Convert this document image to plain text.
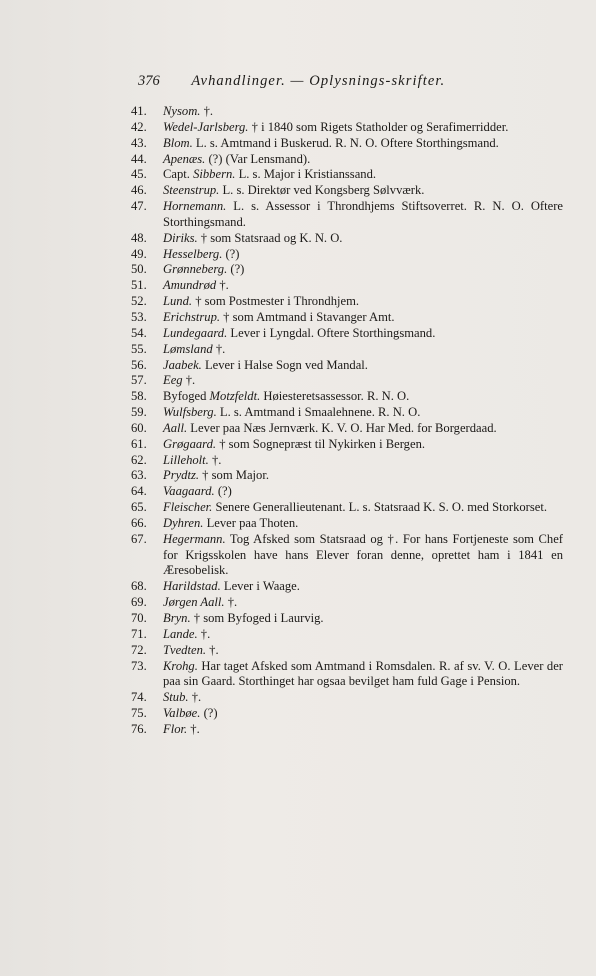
376 Avhandlinger. — Oplysnings-skrifter.
41.	Nysom. †.
42.	Wedel-Jarlsberg. † i 1840 som Rigets Statholder og Serafimerridder.
43.	Blom. L. s. Amtmand i Buskerud. R. N. O. Oftere Storthingsmand.
44.	Apenæs. (?) (Var Lensmand).
45.	Capt. Sibbern. L. s. Major i Kristianssand.
46.	Steenstrup. L. s. Direktør ved Kongsberg Sølvværk.
47.	Hornemann. L. s. Assessor i Throndhjems Stiftsoverret. R. N. O. Oftere Storthingsmand.
48.	Diriks. † som Statsraad og K. N. O.
49.	Hesselberg. (?)
50.	Grønneberg. (?)
51.	Amundrød †.
52.	Lund. † som Postmester i Throndhjem.
53.	Erichstrup. † som Amtmand i Stavanger Amt.
54.	Lundegaard. Lever i Lyngdal. Oftere Storthingsmand.
55.	Lømsland †.
56.	Jaabek. Lever i Halse Sogn ved Mandal.
57.	Eeg †.
58.	Byfoged Motzfeldt. Høiesteretsassessor. R. N. O.
59.	Wulfsberg. L. s. Amtmand i Smaalehnene. R. N. O.
60.	Aall. Lever paa Næs Jernværk. K. V. O. Har Med. for Borgerdaad.
61.	Grøgaard. † som Sognepræst til Nykirken i Bergen.
62.	Lilleholt. †.
63.	Prydtz. † som Major.
64.	Vaagaard. (?)
65.	Fleischer. Senere Generallieutenant. L. s. Statsraad K. S. O. med Storkorset.
66.	Dyhren. Lever paa Thoten.
67.	Hegermann. Tog Afsked som Statsraad og †. For hans Fortjeneste som Chef for Krigsskolen have hans Elever foran denne, oprettet ham i 1841 en Æresobelisk.
68.	Harildstad. Lever i Waage.
69.	Jørgen Aall. †.
70.	Bryn. † som Byfoged i Laurvig.
71.	Lande. †.
72.	Tvedten. †.
73.	Krohg. Har taget Afsked som Amtmand i Romsdalen. R. af sv. V. O. Lever der paa sin Gaard. Storthinget har ogsaa bevilget ham fuld Gage i Pension.
74.	Stub. †.
75.	Valbøe. (?)
76.	Flor. †.
